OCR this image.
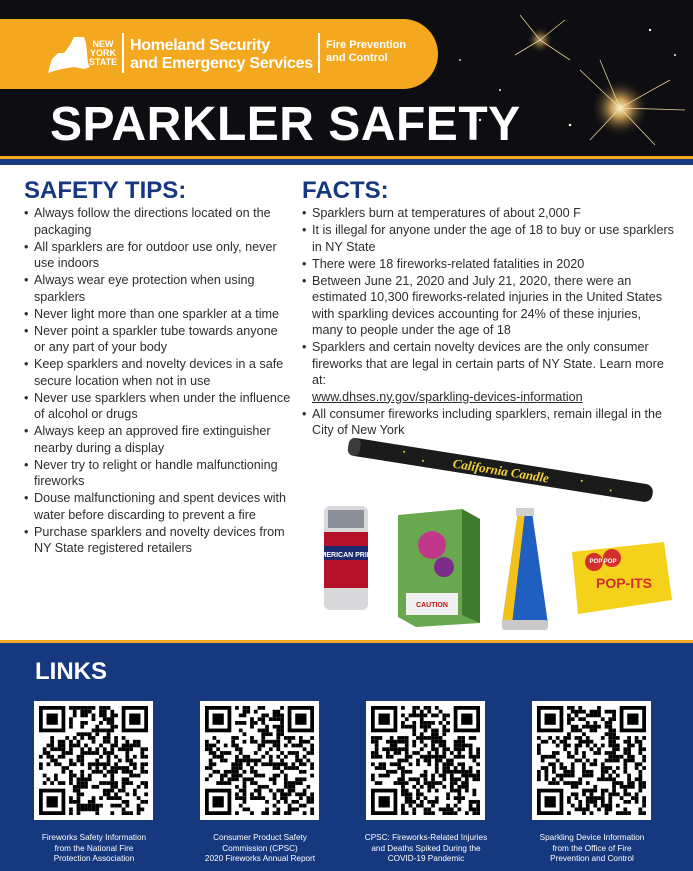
NEW
YORK
STATE
Homeland Security
and Emergency Services
Fire Prevention
and Control
SPARKLER SAFETY
SAFETY TIPS:
• Always follow the directions located on the packaging
• All sparklers are for outdoor use only, never use indoors
• Always wear eye protection when using sparklers
• Never light more than one sparkler at a time
• Never point a sparkler tube towards anyone or any part of your body
• Keep sparklers and novelty devices in a safe secure location when not in use
• Never use sparklers when under the influence of alcohol or drugs
• Always keep an approved fire extinguisher nearby during a display
• Never try to relight or handle malfunctioning fireworks
• Douse malfunctioning and spent devices with water before discarding to prevent a fire
• Purchase sparklers and novelty devices from NY State registered retailers
FACTS:
• Sparklers burn at temperatures of about 2,000 F
• It is illegal for anyone under the age of 18 to buy or use sparklers in NY State
• There were 18 fireworks-related fatalities in 2020
• Between June 21, 2020 and July 21, 2020, there were an estimated 10,300 fireworks-related injuries in the United States with sparkling devices accounting for 24% of these injuries, many to people under the age of 18
• Sparklers and certain novelty devices are the only consumer fireworks that are legal in certain parts of NY State. Learn more at:
www.dhses.ny.gov/sparkling-devices-information
• All consumer fireworks including sparklers, remain illegal in the City of New York
California Candle
AMERICAN PRIDE
CAUTION
POP POP
POP-ITS
LINKS
Fireworks Safety Information
from the National Fire
Protection Association
Consumer Product Safety
Commission (CPSC)
2020 Fireworks Annual Report
CPSC: Fireworks-Related Injuries
and Deaths Spiked During the
COVID-19 Pandemic
Sparkling Device Information
from the Office of Fire
Prevention and Control
